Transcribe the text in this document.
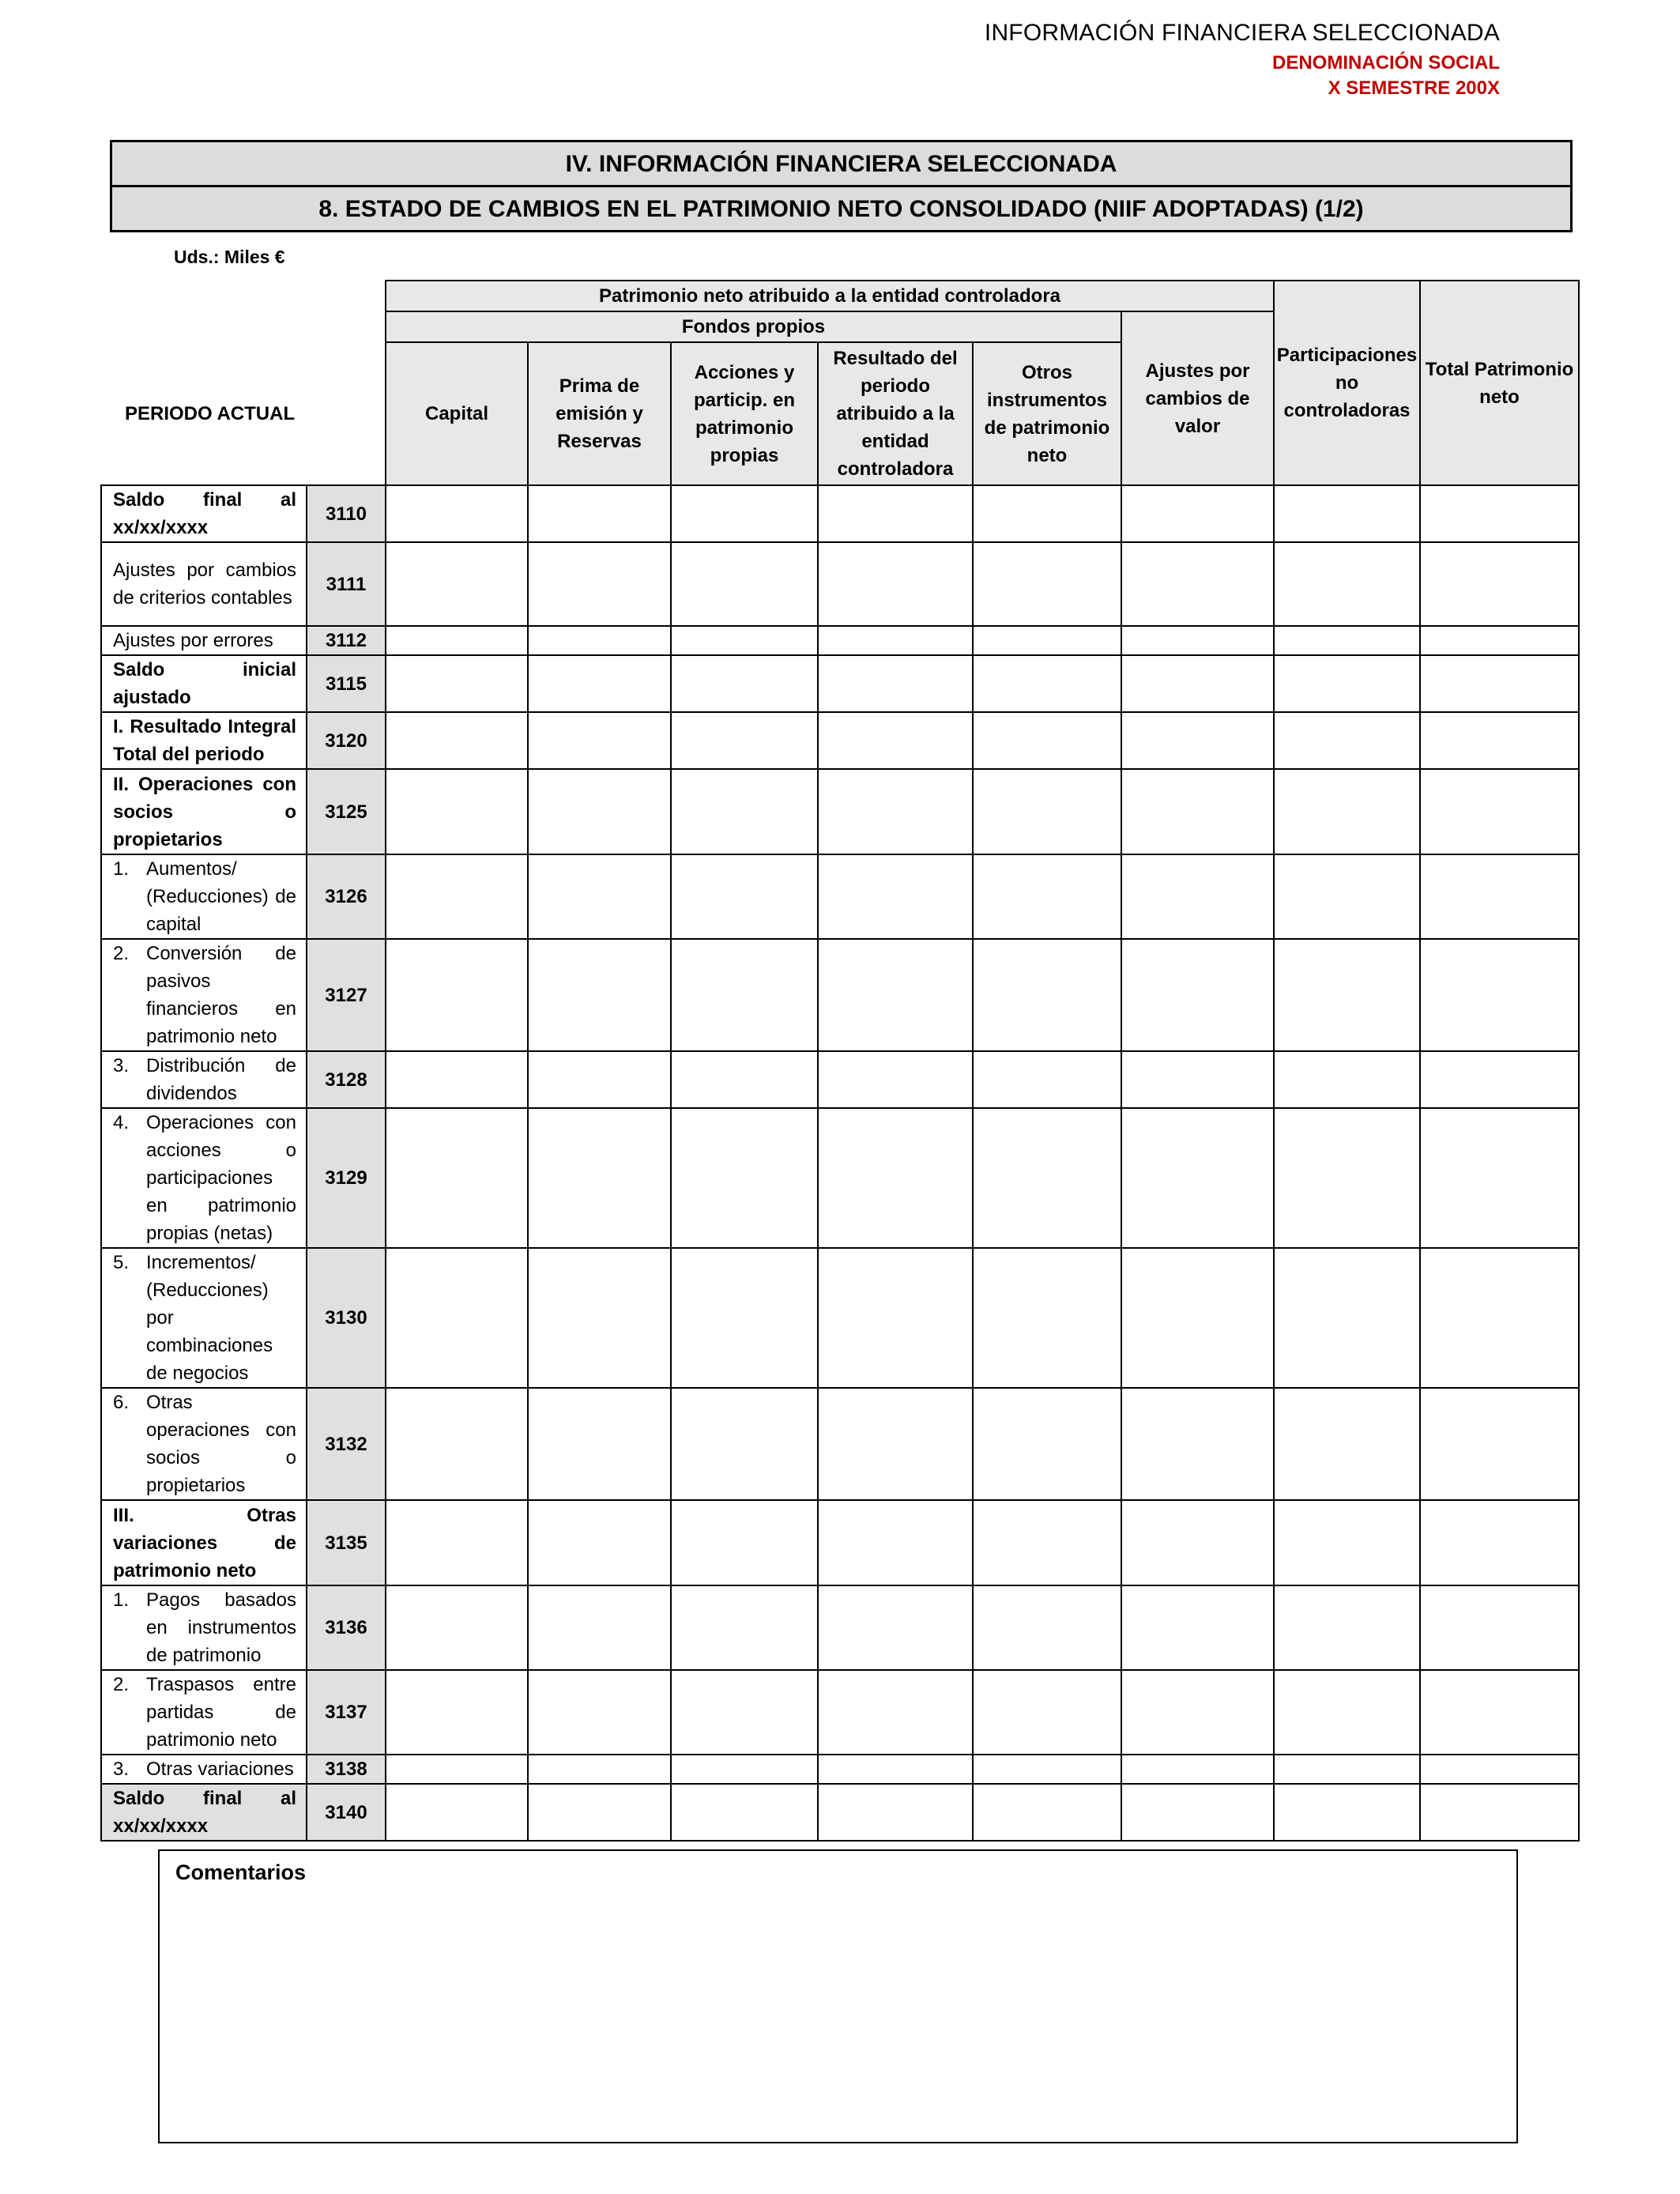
INFORMACIÓN FINANCIERA SELECCIONADA
DENOMINACIÓN SOCIAL
X SEMESTRE 200X
IV. INFORMACIÓN FINANCIERA SELECCIONADA
8. ESTADO DE CAMBIOS EN EL PATRIMONIO NETO CONSOLIDADO (NIIF ADOPTADAS) (1/2)
Uds.: Miles €
		Patrimonio neto atribuido a la entidad controladora						Participaciones no controladoras	Total Patrimonio neto
		Fondos propios					Ajustes por cambios de valor		
PERIODO ACTUAL		Capital	Prima de emisión y Reservas	Acciones y particip. en patrimonio propias	Resultado del periodo atribuido a la entidad controladora	Otros instrumentos de patrimonio neto			
Saldo final al xx/xx/xxxx	3110								
Ajustes por cambios de criterios contables	3111								
Ajustes por errores	3112								
Saldo inicial ajustado	3115								
I. Resultado Integral Total del periodo	3120								
II. Operaciones con socios o propietarios	3125								

1. Aumentos/ (Reducciones) de capital	3126								

2. Conversión de pasivos financieros en patrimonio neto	3127								

3. Distribución de dividendos	3128								

4. Operaciones con acciones o participaciones en patrimonio propias (netas)	3129								

5. Incrementos/ (Reducciones) por combinaciones de negocios	3130								

6. Otras operaciones con socios o propietarios	3132								
III. Otras variaciones de patrimonio neto	3135								

1. Pagos basados en instrumentos de patrimonio	3136								

2. Traspasos entre partidas de patrimonio neto	3137								

3. Otras variaciones	3138								
Saldo final al xx/xx/xxxx	3140								
Comentarios
